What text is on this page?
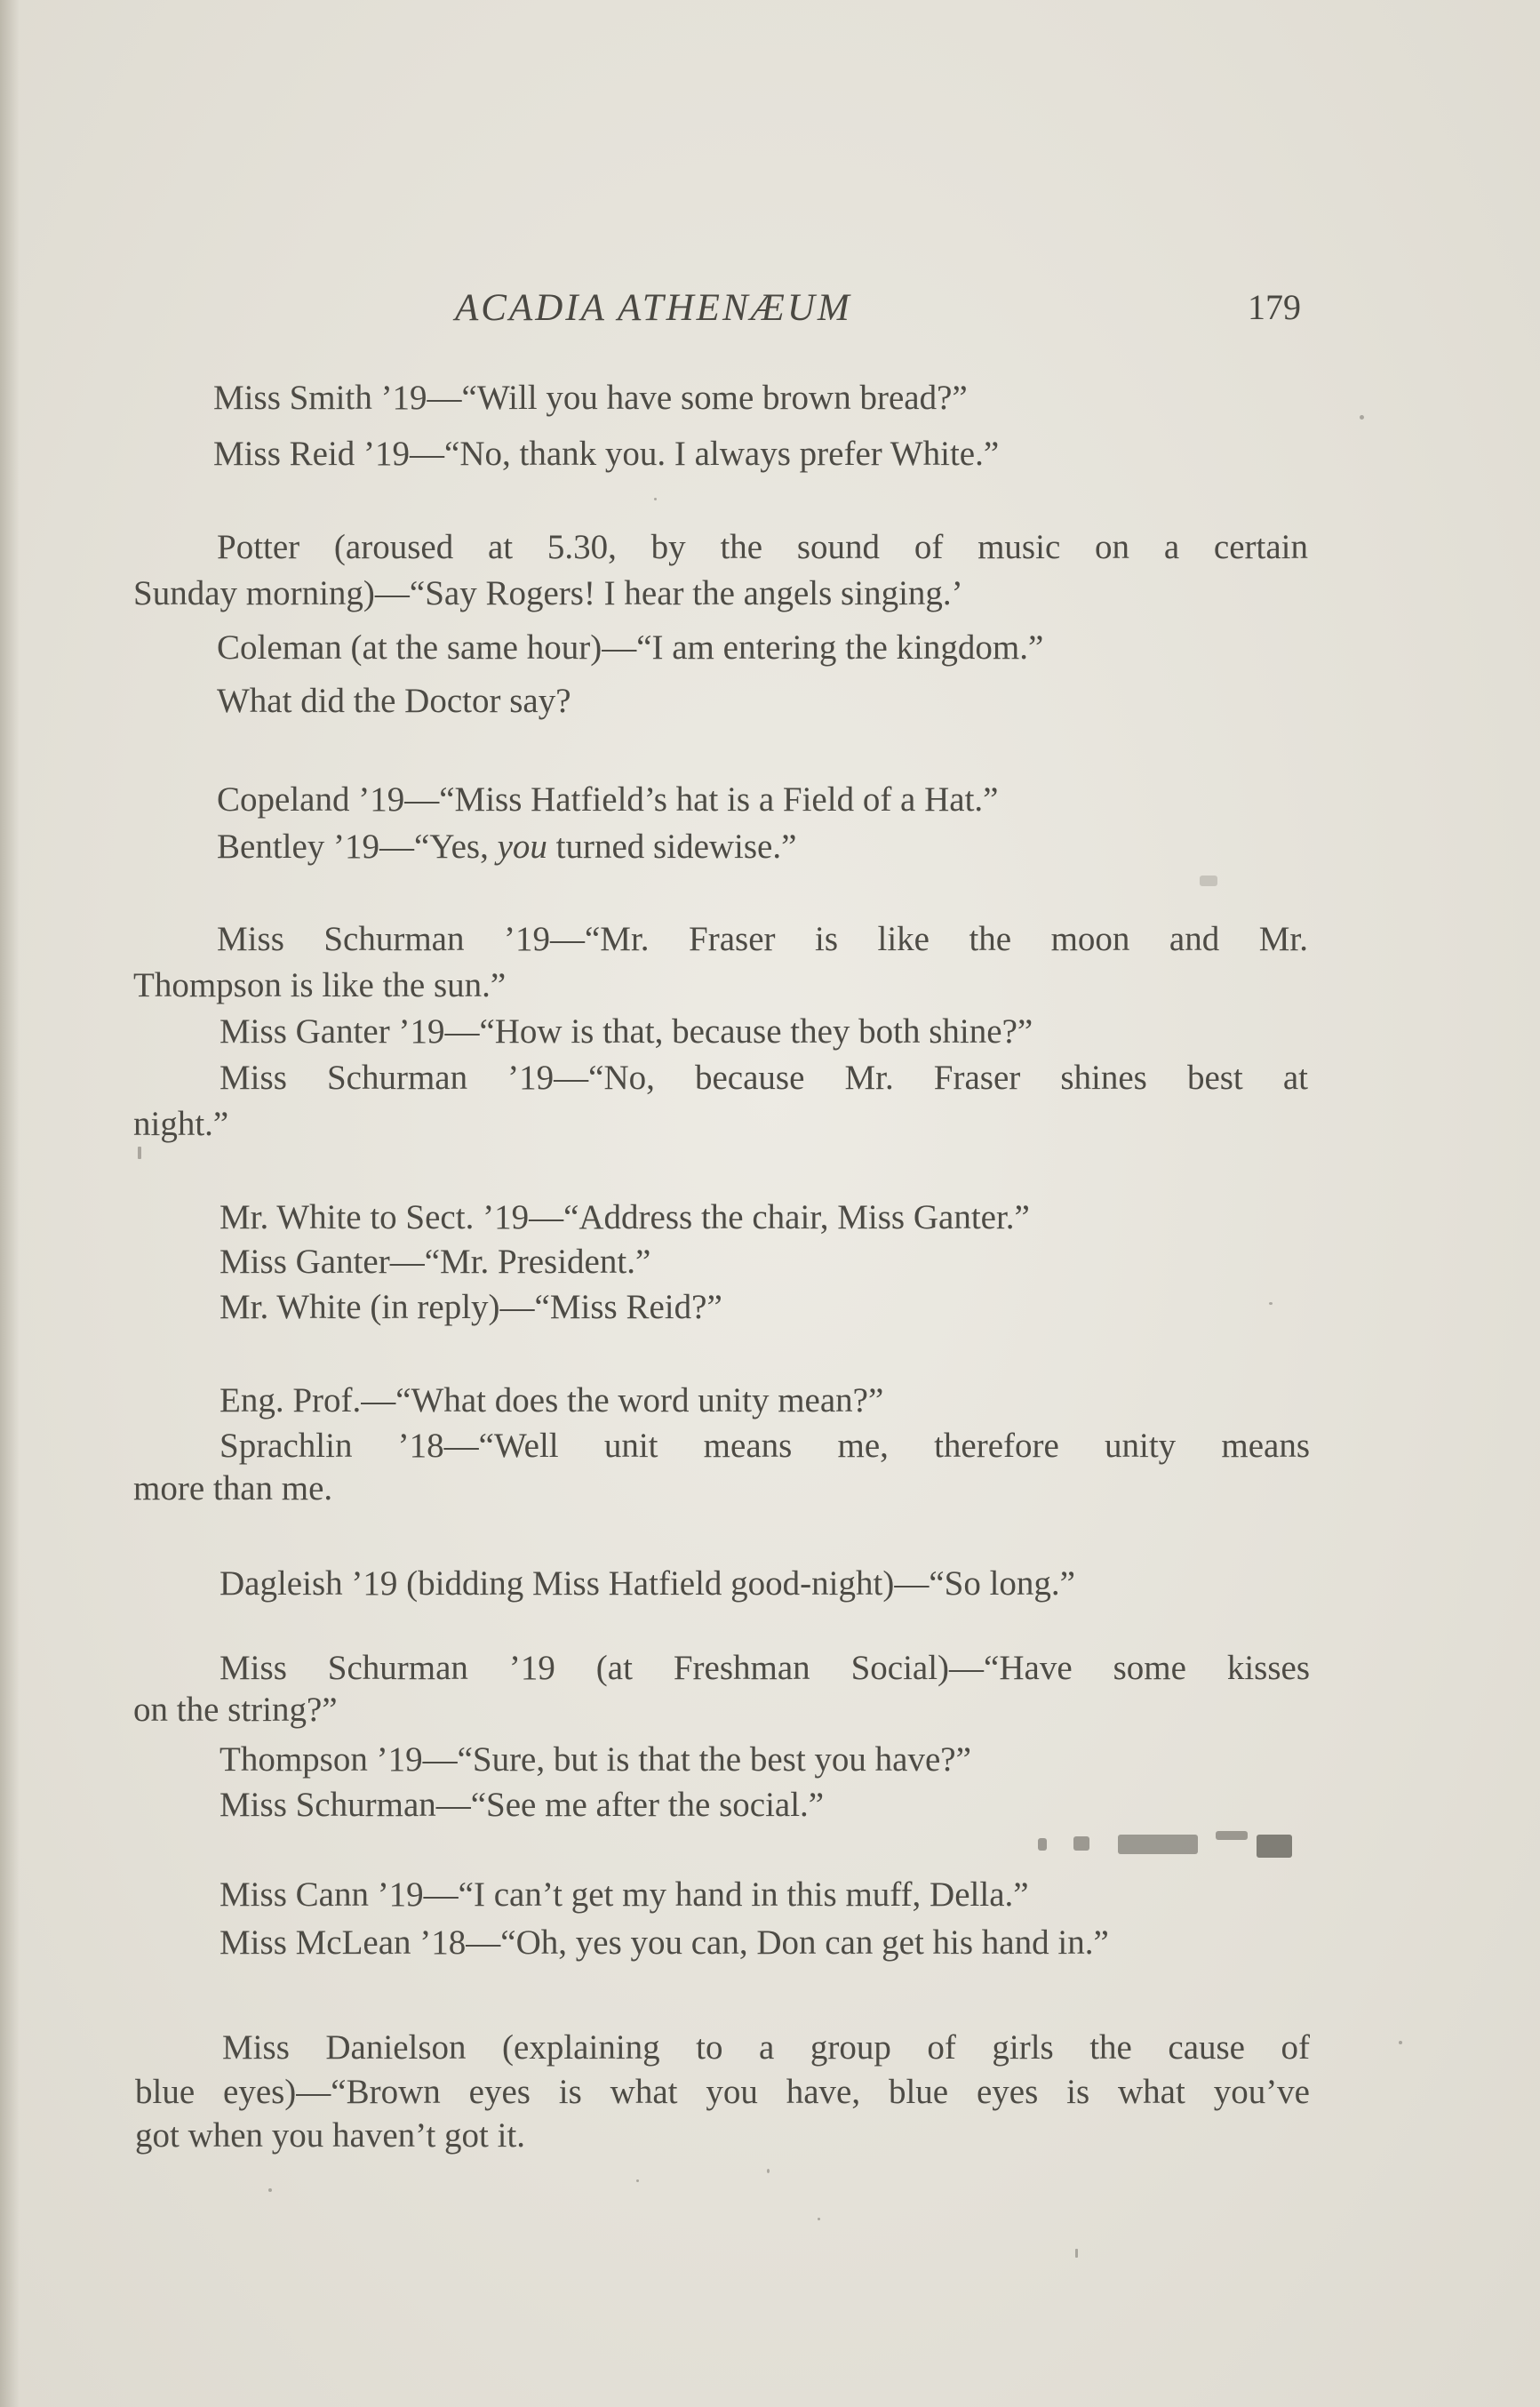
ACADIA ATHENÆUM	179
Miss Smith ’19—“Will you have some brown bread?”
Miss Reid ’19—“No, thank you. I always prefer White.”
Potter (aroused at 5.30, by the sound of music on a certain
Sunday morning)—“Say Rogers! I hear the angels singing.’
Coleman (at the same hour)—“I am entering the kingdom.”
What did the Doctor say?
Copeland ’19—“Miss Hatfield’s hat is a Field of a Hat.”
Bentley ’19—“Yes, you turned sidewise.”
Miss Schurman ’19—“Mr. Fraser is like the moon and Mr.
Thompson is like the sun.”
Miss Ganter ’19—“How is that, because they both shine?”
Miss Schurman ’19—“No, because Mr. Fraser shines best at
night.”
Mr. White to Sect. ’19—“Address the chair, Miss Ganter.”
Miss Ganter—“Mr. President.”
Mr. White (in reply)—“Miss Reid?”
Eng. Prof.—“What does the word unity mean?”
Sprachlin ’18—“Well unit means me, therefore unity means
more than me.
Dagleish ’19 (bidding Miss Hatfield good-night)—“So long.”
Miss Schurman ’19 (at Freshman Social)—“Have some kisses
on the string?”
Thompson ’19—“Sure, but is that the best you have?”
Miss Schurman—“See me after the social.”
Miss Cann ’19—“I can’t get my hand in this muff, Della.”
Miss McLean ’18—“Oh, yes you can, Don can get his hand in.”
Miss Danielson (explaining to a group of girls the cause of
blue eyes)—“Brown eyes is what you have, blue eyes is what you’ve
got when you haven’t got it.
